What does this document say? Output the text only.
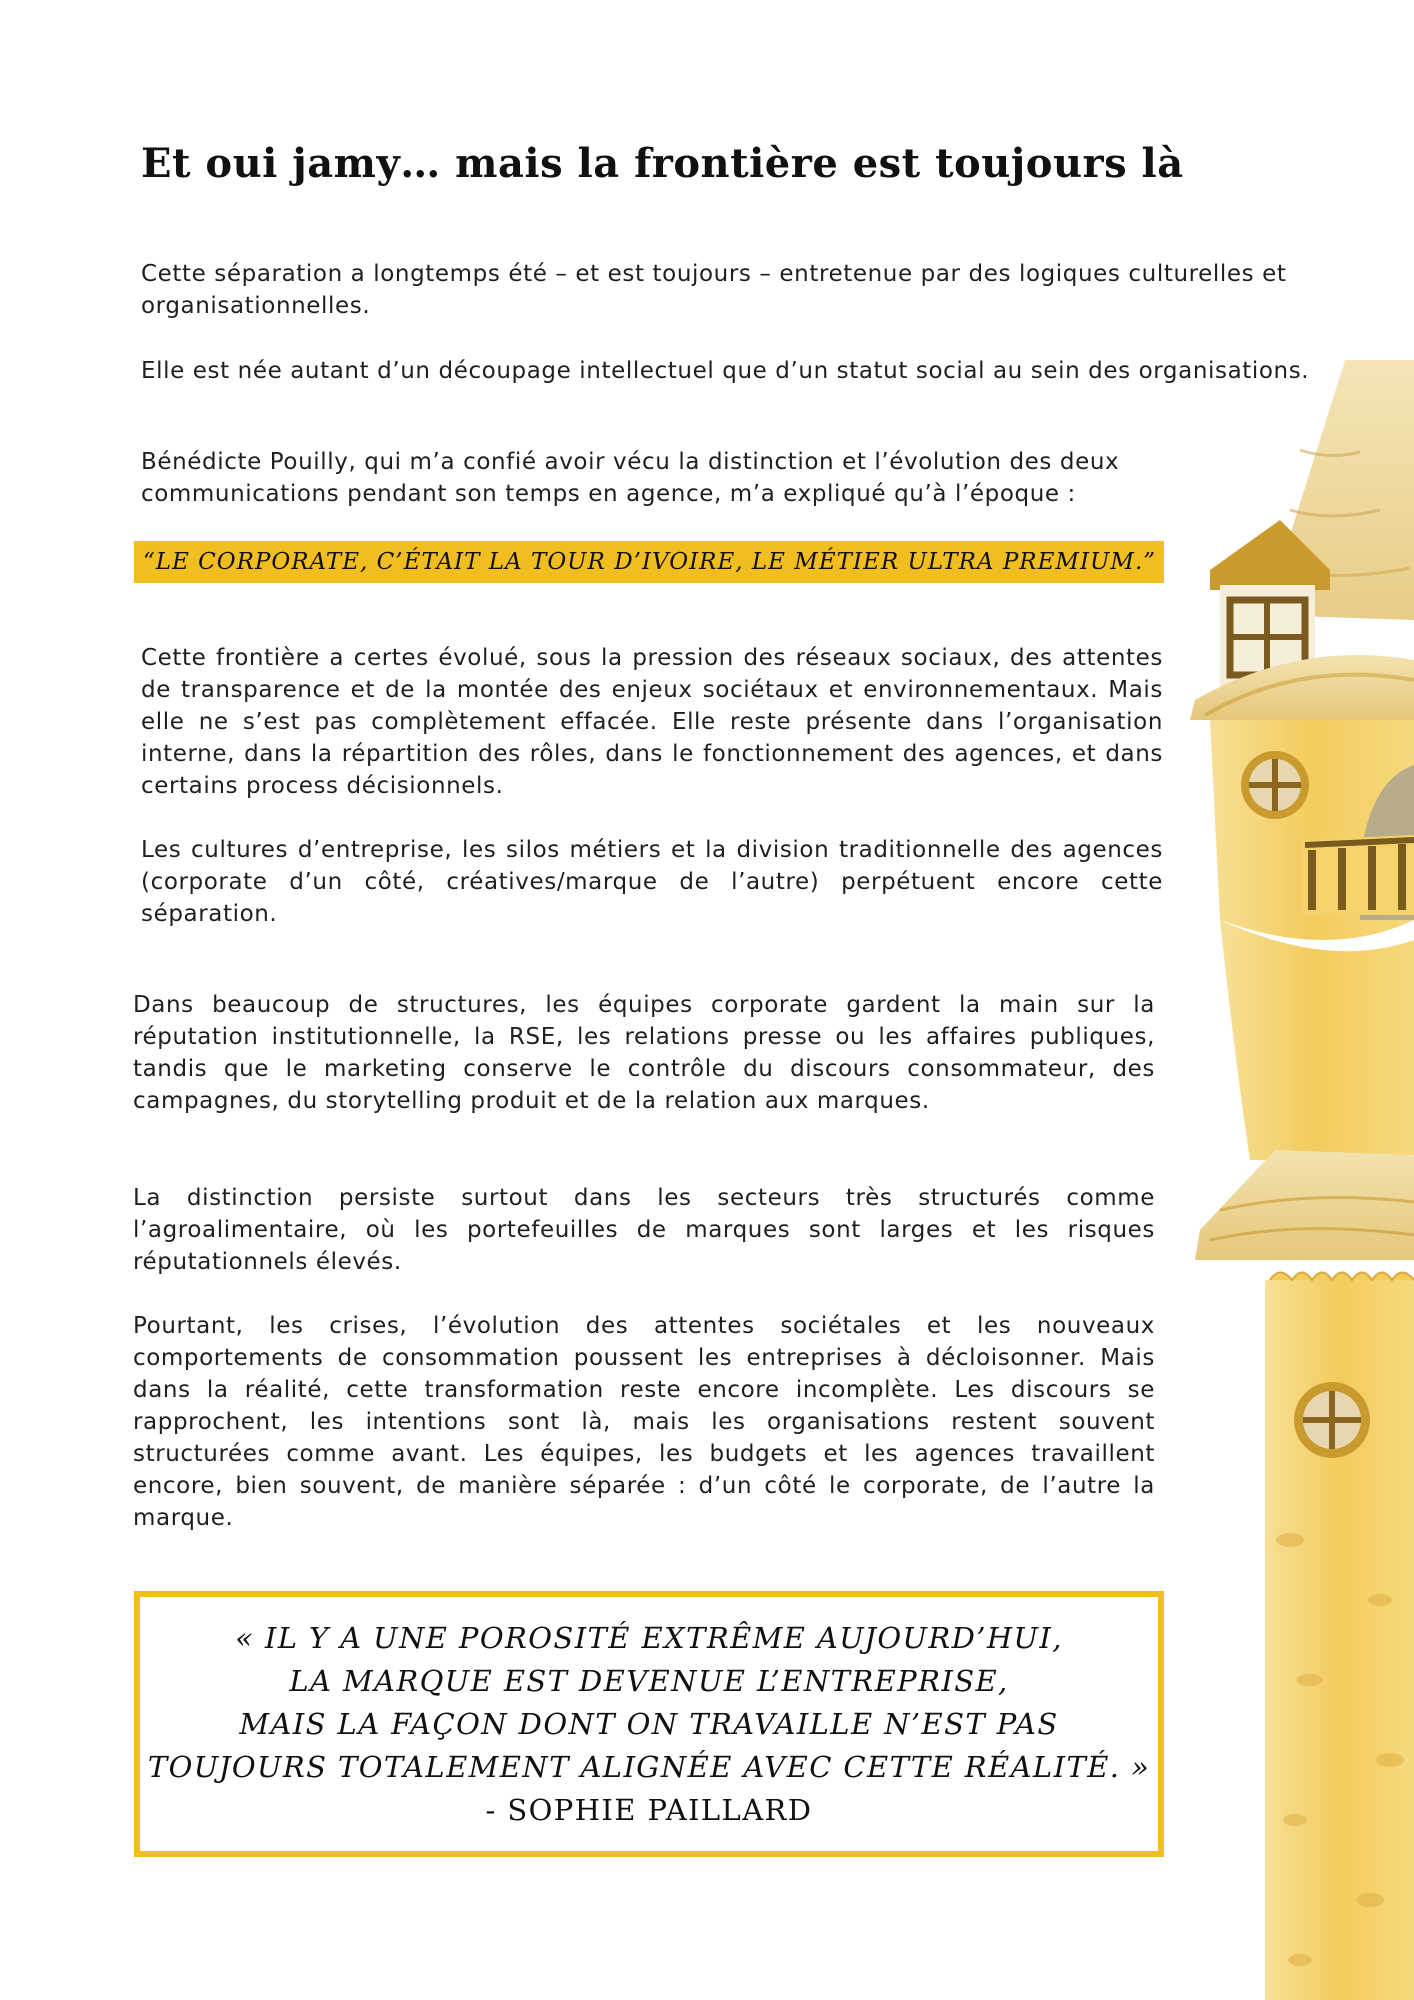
Et oui jamy… mais la frontière est toujours là

Cette séparation a longtemps été – et est toujours – entretenue par des logiques culturelles et organisationnelles.

Elle est née autant d’un découpage intellectuel que d’un statut social au sein des organisations.

Bénédicte Pouilly, qui m’a confié avoir vécu la distinction et l’évolution des deux communications pendant son temps en agence, m’a expliqué qu’à l’époque :

“LE CORPORATE, C’ÉTAIT LA TOUR D’IVOIRE, LE MÉTIER ULTRA PREMIUM.”

Cette frontière a certes évolué, sous la pression des réseaux sociaux, des attentes de transparence et de la montée des enjeux sociétaux et environnementaux. Mais elle ne s’est pas complètement effacée. Elle reste présente dans l’organisation interne, dans la répartition des rôles, dans le fonctionnement des agences, et dans certains process décisionnels.

Les cultures d’entreprise, les silos métiers et la division traditionnelle des agences (corporate d’un côté, créatives/marque de l’autre) perpétuent encore cette séparation.

Dans beaucoup de structures, les équipes corporate gardent la main sur la réputation institutionnelle, la RSE, les relations presse ou les affaires publiques, tandis que le marketing conserve le contrôle du discours consommateur, des campagnes, du storytelling produit et de la relation aux marques.

La distinction persiste surtout dans les secteurs très structurés comme l’agroalimentaire, où les portefeuilles de marques sont larges et les risques réputationnels élevés.

Pourtant, les crises, l’évolution des attentes sociétales et les nouveaux comportements de consommation poussent les entreprises à décloisonner. Mais dans la réalité, cette transformation reste encore incomplète. Les discours se rapprochent, les intentions sont là, mais les organisations restent souvent structurées comme avant. Les équipes, les budgets et les agences travaillent encore, bien souvent, de manière séparée : d’un côté le corporate, de l’autre la marque.

« IL Y A UNE POROSITÉ EXTRÊME AUJOURD’HUI,
LA MARQUE EST DEVENUE L’ENTREPRISE,
MAIS LA FAÇON DONT ON TRAVAILLE N’EST PAS
TOUJOURS TOTALEMENT ALIGNÉE AVEC CETTE RÉALITÉ. »
- SOPHIE PAILLARD
